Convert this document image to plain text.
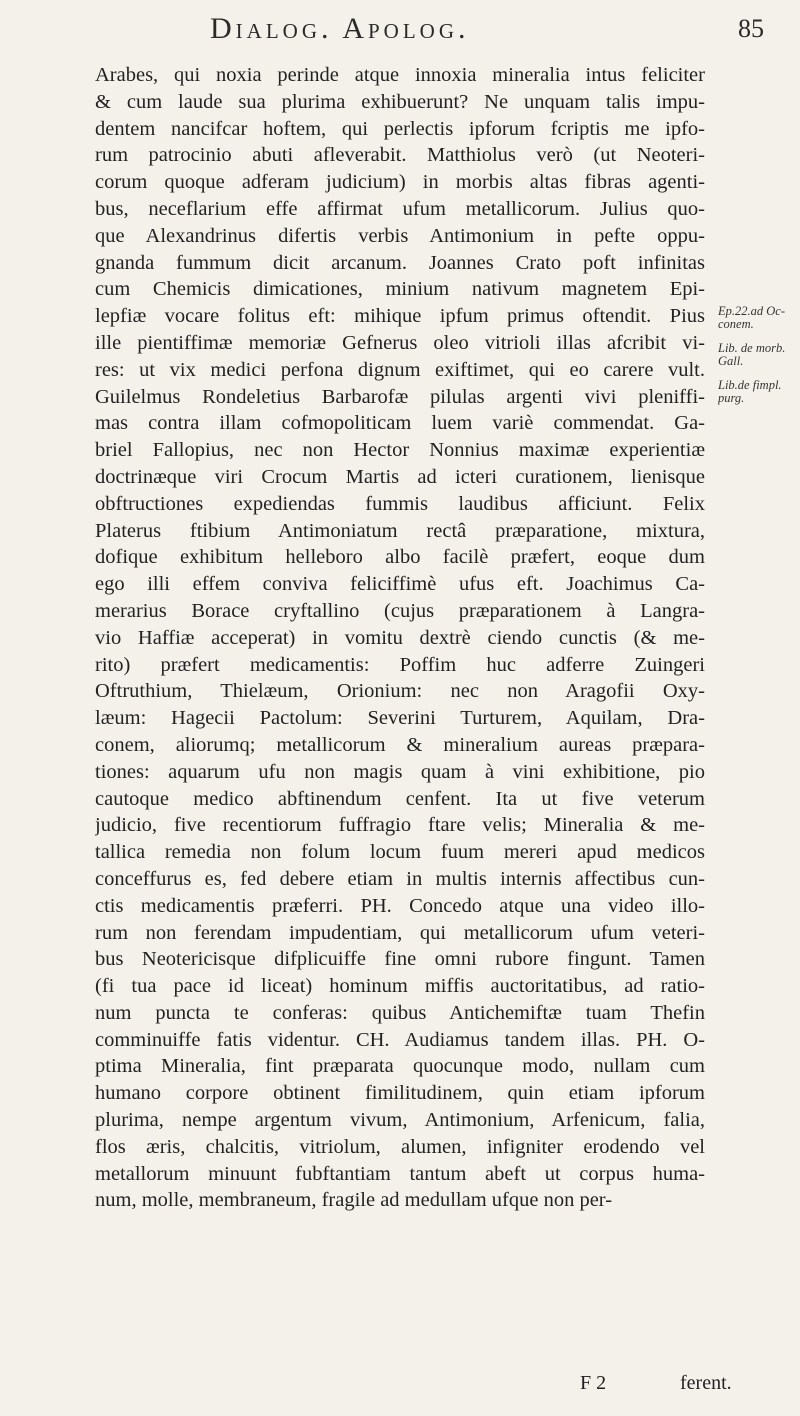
Dialog. Apolog.	85
Arabes, qui noxia perinde atque innoxia mineralia intus feliciter
& cum laude sua plurima exhibuerunt? Ne unquam talis impu-
dentem nancifcar hoftem, qui perlectis ipforum fcriptis me ipfo-
rum patrocinio abuti afleverabit. Matthiolus verò (ut Neoteri-
corum quoque adferam judicium) in morbis altas fibras agenti-
bus, neceflarium effe affirmat ufum metallicorum. Julius quo-
que Alexandrinus difertis verbis Antimonium in pefte oppu-
gnanda fummum dicit arcanum. Joannes Crato poft infinitas
cum Chemicis dimicationes, minium nativum magnetem Epi-
lepfiæ vocare folitus eft: mihique ipfum primus oftendit. Pius
ille pientiffimæ memoriæ Gefnerus oleo vitrioli illas afcribit vi-
res: ut vix medici perfona dignum exiftimet, qui eo carere vult.
Guilelmus Rondeletius Barbarofæ pilulas argenti vivi pleniffi-
mas contra illam cofmopoliticam luem variè commendat. Ga-
briel Fallopius, nec non Hector Nonnius maximæ experientiæ
doctrinæque viri Crocum Martis ad icteri curationem, lienisque
obftructiones expediendas fummis laudibus afficiunt. Felix
Platerus ftibium Antimoniatum rectâ præparatione, mixtura,
dofique exhibitum helleboro albo facilè præfert, eoque dum
ego illi effem conviva feliciffimè ufus eft. Joachimus Ca-
merarius Borace cryftallino (cujus præparationem à Langra-
vio Haffiæ acceperat) in vomitu dextrè ciendo cunctis (& me-
rito) præfert medicamentis: Poffim huc adferre Zuingeri
Oftruthium, Thielæum, Orionium: nec non Aragofii Oxy-
læum: Hagecii Pactolum: Severini Turturem, Aquilam, Dra-
conem, aliorumq; metallicorum & mineralium aureas præpara-
tiones: aquarum ufu non magis quam à vini exhibitione, pio
cautoque medico abftinendum cenfent. Ita ut five veterum
judicio, five recentiorum fuffragio ftare velis; Mineralia & me-
tallica remedia non folum locum fuum mereri apud medicos
conceffurus es, fed debere etiam in multis internis affectibus cun-
ctis medicamentis præferri. PH. Concedo atque una video illo-
rum non ferendam impudentiam, qui metallicorum ufum veteri-
bus Neotericisque difplicuiffe fine omni rubore fingunt. Tamen
(fi tua pace id liceat) hominum miffis auctoritatibus, ad ratio-
num puncta te conferas: quibus Antichemiftæ tuam Thefin
comminuiffe fatis videntur. CH. Audiamus tandem illas. PH. O-
ptima Mineralia, fint præparata quocunque modo, nullam cum
humano corpore obtinent fimilitudinem, quin etiam ipforum
plurima, nempe argentum vivum, Antimonium, Arfenicum, falia,
flos æris, chalcitis, vitriolum, alumen, infigniter erodendo vel
metallorum minuunt fubftantiam tantum abeft ut corpus huma-
num, molle, membraneum, fragile ad medullam ufque non per-
Ep.22.ad Oc-
conem.
Lib. de morb.
Gall.
Lib.de fimpl.
purg.
F 2	ferent.
